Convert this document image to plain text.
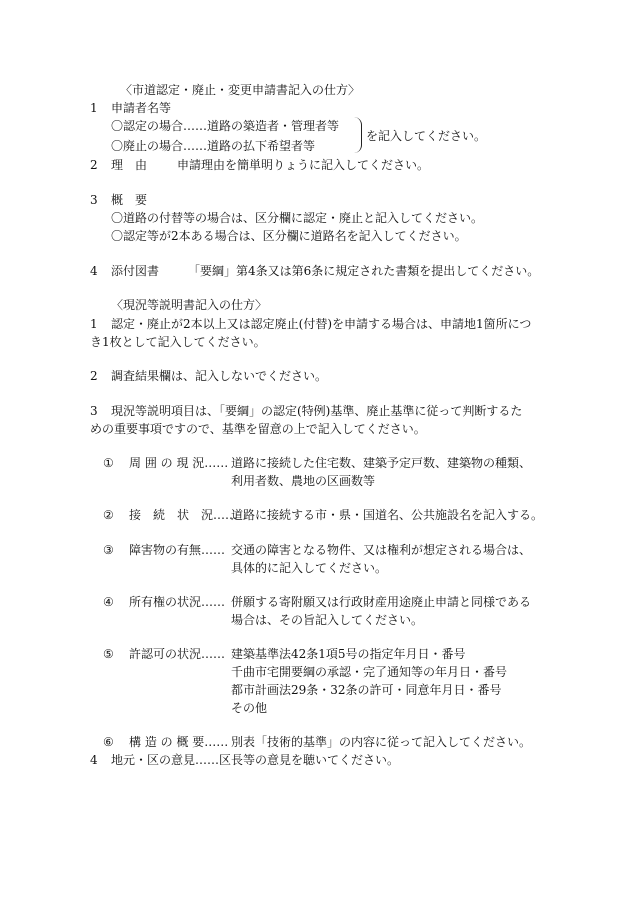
〈市道認定・廃止・変更申請書記入の仕方〉
1 申請者名等
〇認定の場合……道路の築造者・管理者等
〇廃止の場合……道路の払下希望者等
を記入してください。
2 理　由 申請理由を簡単明りょうに記入してください。
3 概　要
〇道路の付替等の場合は、区分欄に認定・廃止と記入してください。
〇認定等が2本ある場合は、区分欄に道路名を記入してください。
4 添付図書 「要綱」第4条又は第6条に規定された書類を提出してください。
〈現況等説明書記入の仕方〉
1 認定・廃止が2本以上又は認定廃止(付替)を申請する場合は、申請地1箇所につ
き1枚として記入してください。
2 調査結果欄は、記入しないでください。
3 現況等説明項目は、「要綱」の認定(特例)基準、廃止基準に従って判断するた
めの重要事項ですので、基準を留意の上で記入してください。
① 周 囲 の 現 況…… 道路に接続した住宅数、建築予定戸数、建築物の種類、
利用者数、農地の区画数等
② 接　続　状　況……
道路に接続する市・県・国道名、公共施設名を記入する。
③ 障害物の有無…… 交通の障害となる物件、又は権利が想定される場合は、
具体的に記入してください。
④ 所有権の状況…… 併願する寄附願又は行政財産用途廃止申請と同様である
場合は、その旨記入してください。
⑤ 許認可の状況…… 建築基準法42条1項5号の指定年月日・番号
千曲市宅開要綱の承認・完了通知等の年月日・番号
都市計画法29条・32条の許可・同意年月日・番号
その他
⑥ 構 造 の 概 要…… 別表「技術的基準」の内容に従って記入してください。
4 地元・区の意見……区長等の意見を聴いてください。
